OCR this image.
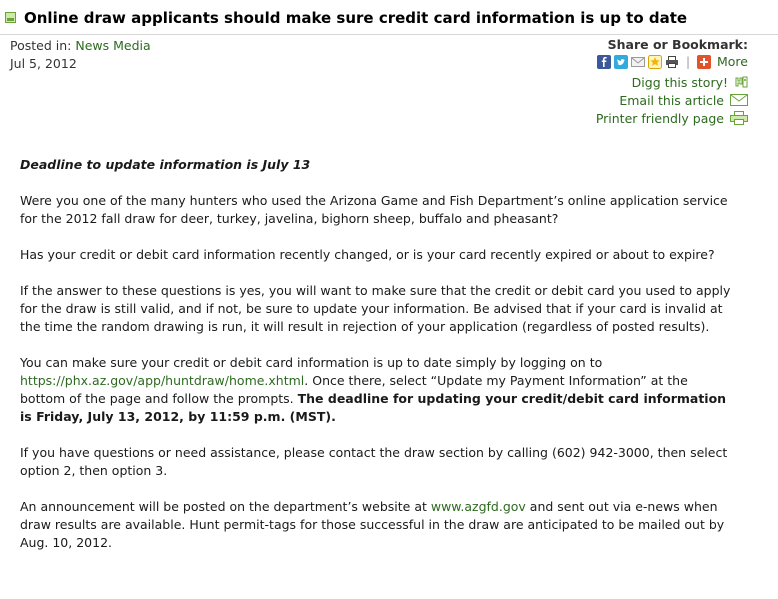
Online draw applicants should make sure credit card information is up to date
Posted in: News Media
Jul 5, 2012
Share or Bookmark:
| More
Digg this story!
Email this article
Printer friendly page

Deadline to update information is July 13

Were you one of the many hunters who used the Arizona Game and Fish Department’s online application service for the 2012 fall draw for deer, turkey, javelina, bighorn sheep, buffalo and pheasant?

Has your credit or debit card information recently changed, or is your card recently expired or about to expire?

If the answer to these questions is yes, you will want to make sure that the credit or debit card you used to apply for the draw is still valid, and if not, be sure to update your information. Be advised that if your card is invalid at the time the random drawing is run, it will result in rejection of your application (regardless of posted results).

You can make sure your credit or debit card information is up to date simply by logging on to https://phx.az.gov/app/huntdraw/home.xhtml. Once there, select “Update my Payment Information” at the bottom of the page and follow the prompts. The deadline for updating your credit/debit card information is Friday, July 13, 2012, by 11:59 p.m. (MST).

If you have questions or need assistance, please contact the draw section by calling (602) 942-3000, then select option 2, then option 3.

An announcement will be posted on the department’s website at www.azgfd.gov and sent out via e-news when draw results are available. Hunt permit-tags for those successful in the draw are anticipated to be mailed out by Aug. 10, 2012.
